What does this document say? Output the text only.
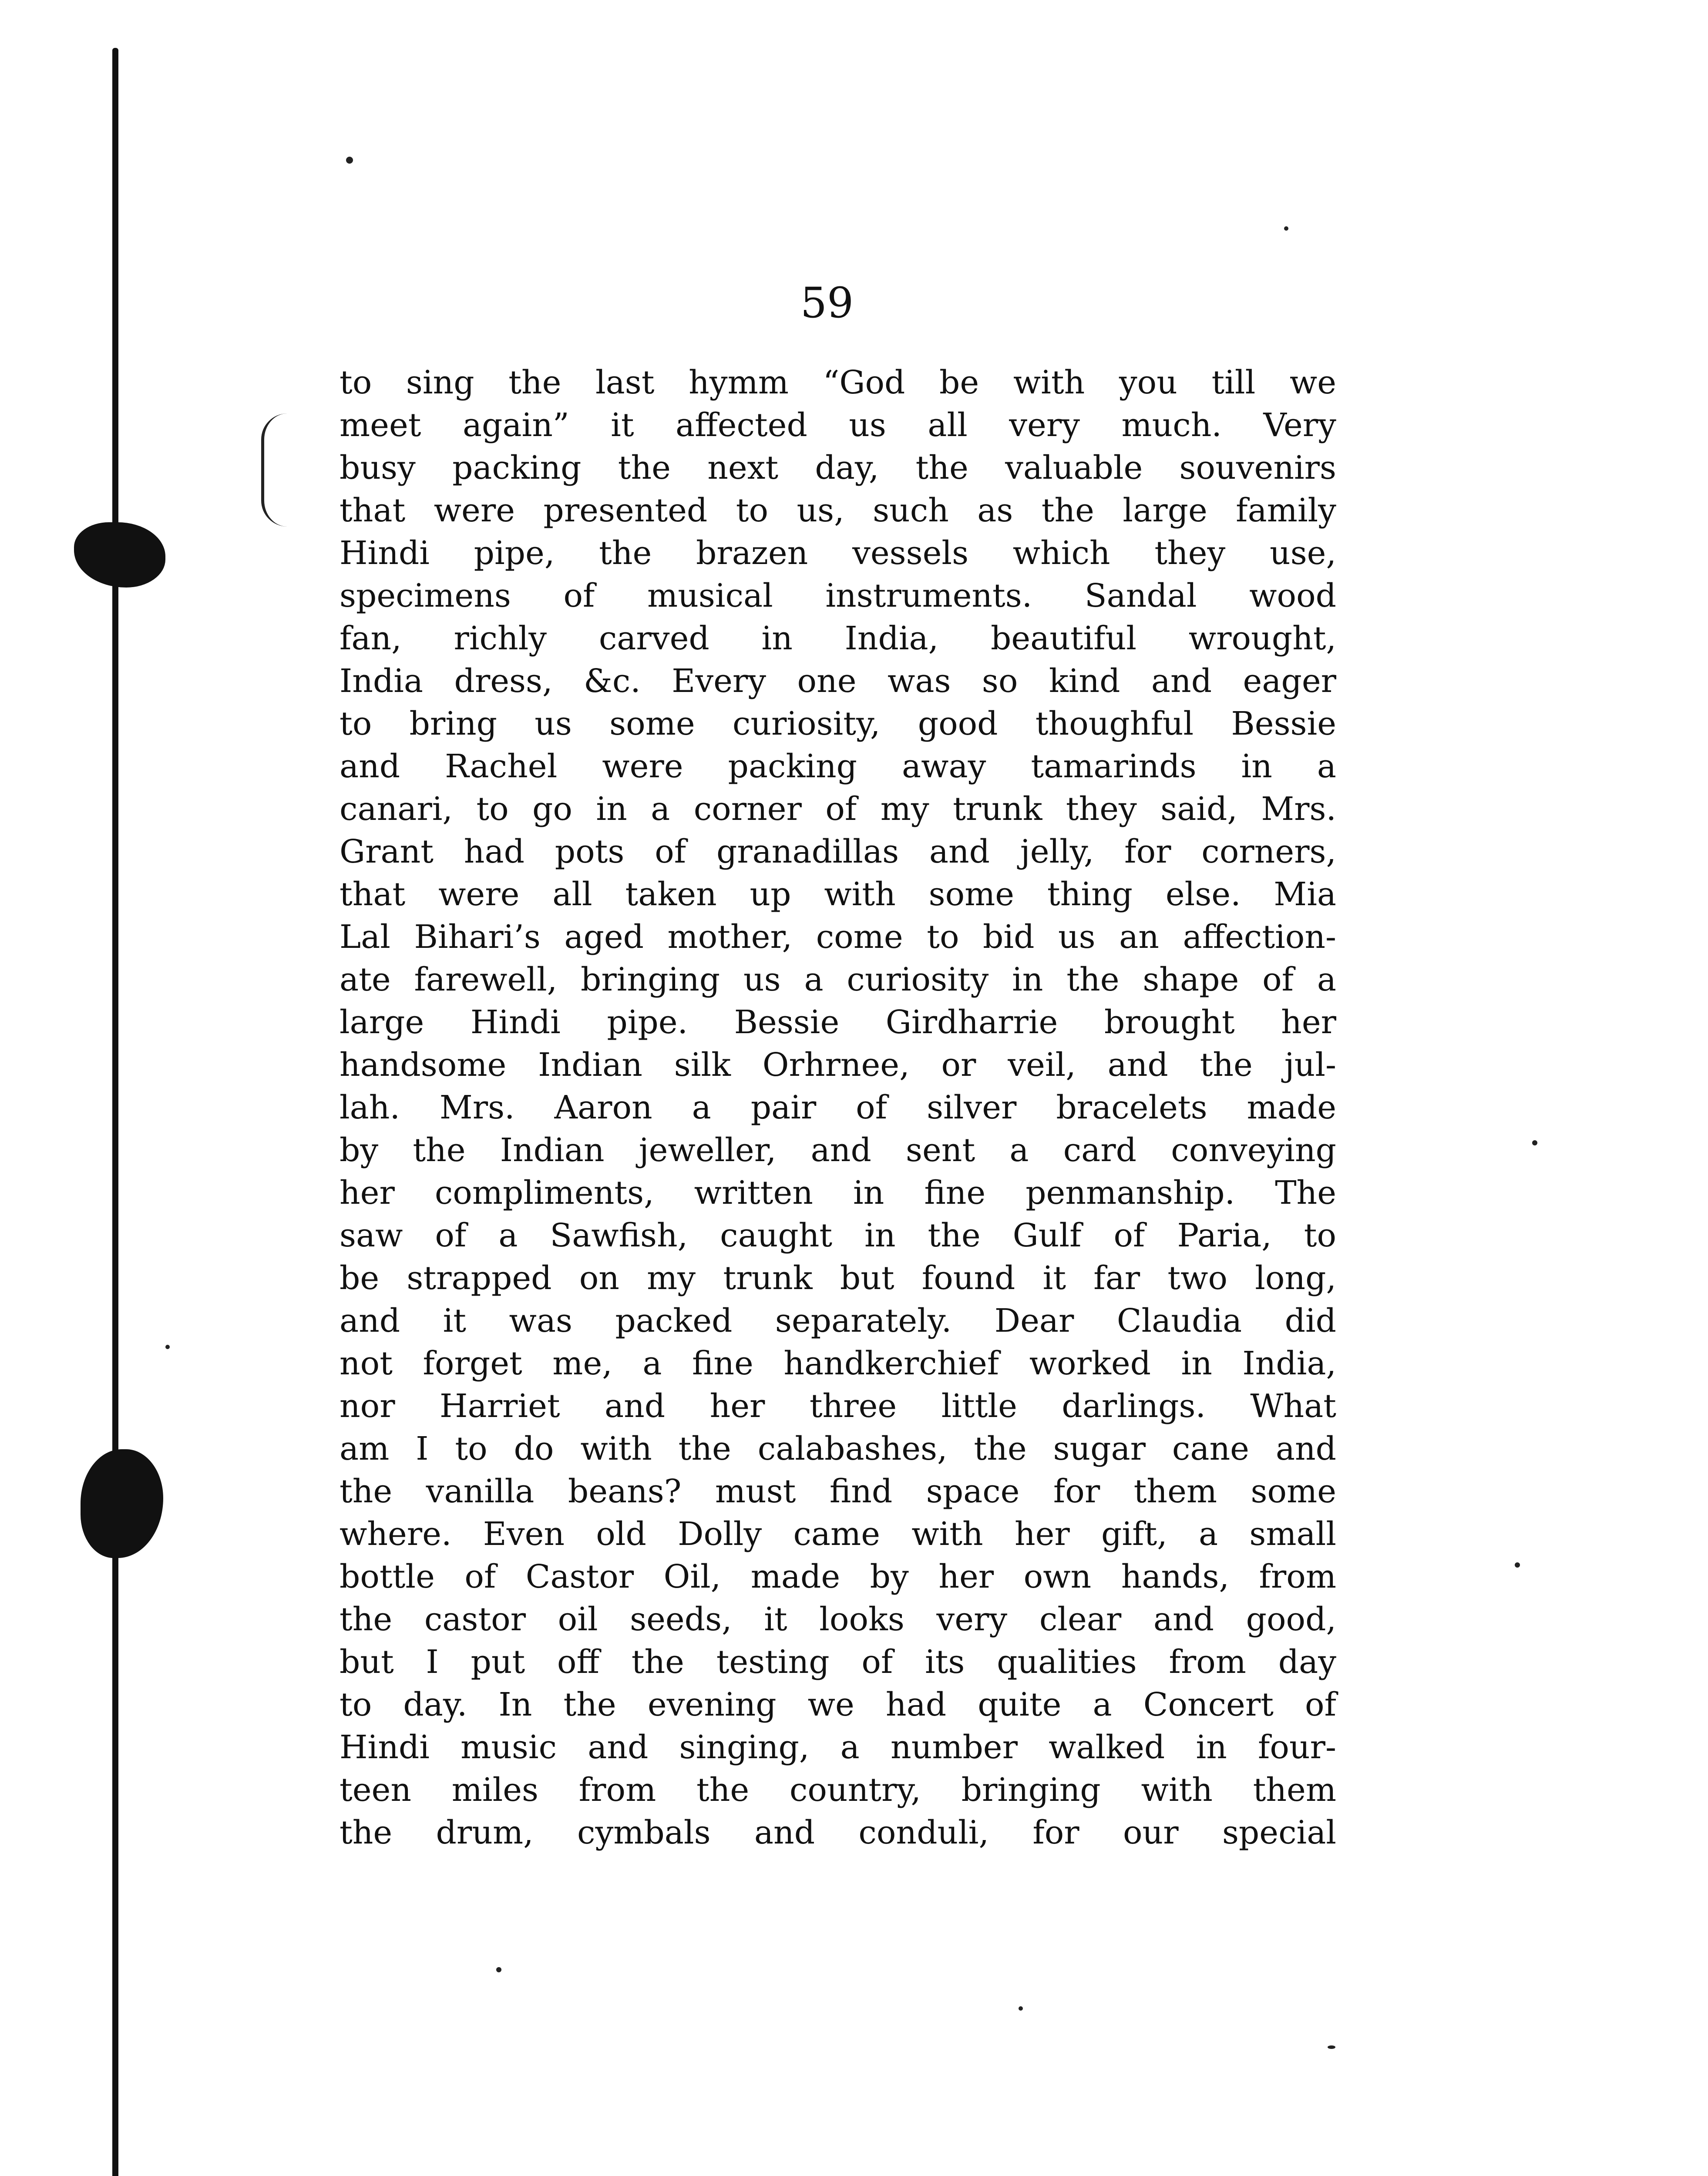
59
to sing the last hymm “God be with you till we
meet again” it affected us all very much. Very
busy packing the next day, the valuable souvenirs
that were presented to us, such as the large family
Hindi pipe, the brazen vessels which they use,
specimens of musical instruments. Sandal wood
fan, richly carved in India, beautiful wrought,
India dress, &c. Every one was so kind and eager
to bring us some curiosity, good thoughful Bessie
and Rachel were packing away tamarinds in a
canari, to go in a corner of my trunk they said, Mrs.
Grant had pots of granadillas and jelly, for corners,
that were all taken up with some thing else. Mia
Lal Bihari’s aged mother, come to bid us an affection-
ate farewell, bringing us a curiosity in the shape of a
large Hindi pipe. Bessie Girdharrie brought her
handsome Indian silk Orhrnee, or veil, and the jul-
lah. Mrs. Aaron a pair of silver bracelets made
by the Indian jeweller, and sent a card conveying
her compliments, written in fine penmanship. The
saw of a Sawfish, caught in the Gulf of Paria, to
be strapped on my trunk but found it far two long,
and it was packed separately. Dear Claudia did
not forget me, a fine handkerchief worked in India,
nor Harriet and her three little darlings. What
am I to do with the calabashes, the sugar cane and
the vanilla beans? must find space for them some
where. Even old Dolly came with her gift, a small
bottle of Castor Oil, made by her own hands, from
the castor oil seeds, it looks very clear and good,
but I put off the testing of its qualities from day
to day. In the evening we had quite a Concert of
Hindi music and singing, a number walked in four-
teen miles from the country, bringing with them
the drum, cymbals and conduli, for our special
